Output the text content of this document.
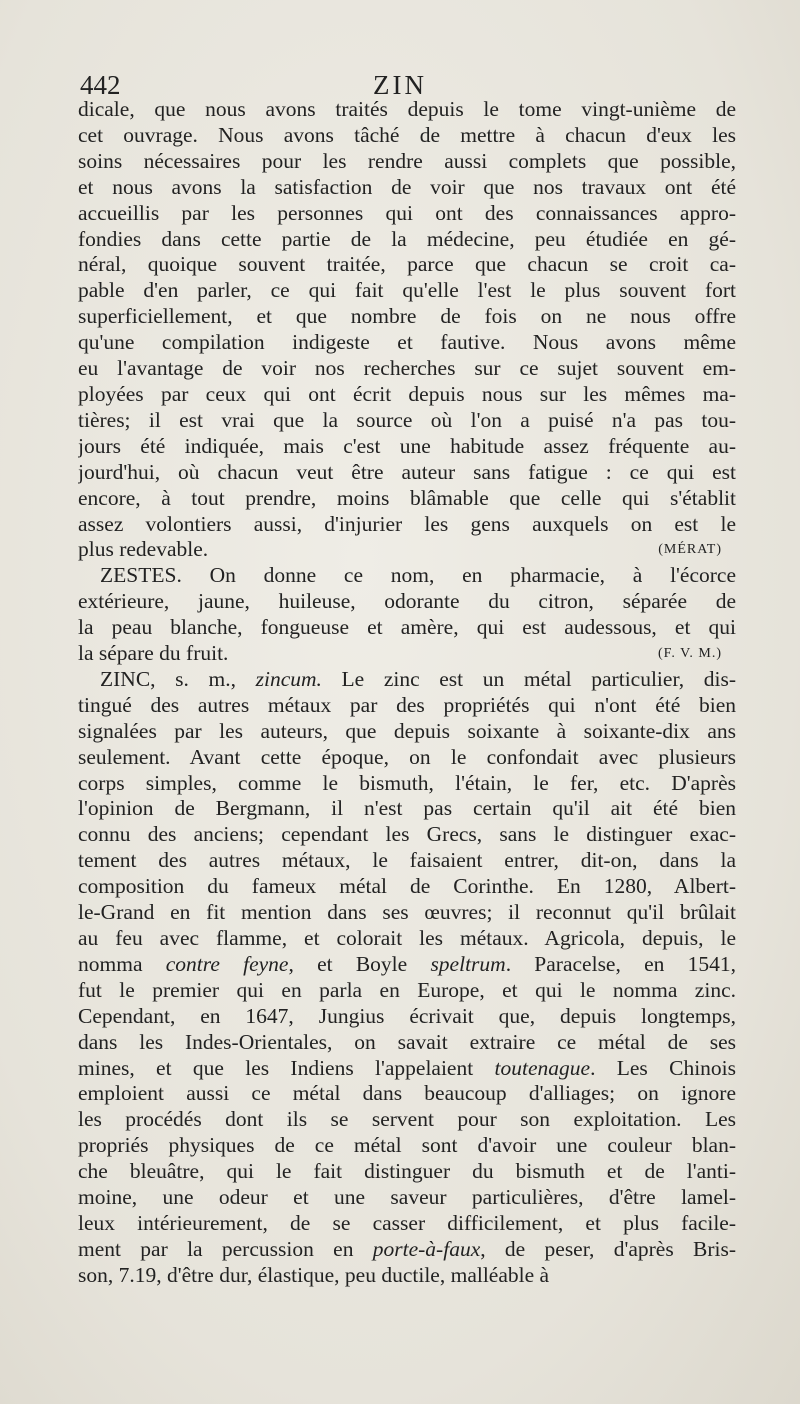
442	ZIN
dicale, que nous avons traités depuis le tome vingt-unième de
cet ouvrage. Nous avons tâché de mettre à chacun d'eux les
soins nécessaires pour les rendre aussi complets que possible,
et nous avons la satisfaction de voir que nos travaux ont été
accueillis par les personnes qui ont des connaissances appro-
fondies dans cette partie de la médecine, peu étudiée en gé-
néral, quoique souvent traitée, parce que chacun se croit ca-
pable d'en parler, ce qui fait qu'elle l'est le plus souvent fort
superficiellement, et que nombre de fois on ne nous offre
qu'une compilation indigeste et fautive. Nous avons même
eu l'avantage de voir nos recherches sur ce sujet souvent em-
ployées par ceux qui ont écrit depuis nous sur les mêmes ma-
tières; il est vrai que la source où l'on a puisé n'a pas tou-
jours été indiquée, mais c'est une habitude assez fréquente au-
jourd'hui, où chacun veut être auteur sans fatigue : ce qui est
encore, à tout prendre, moins blâmable que celle qui s'établit
assez volontiers aussi, d'injurier les gens auxquels on est le
plus redevable.	(MÉRAT)
ZESTES. On donne ce nom, en pharmacie, à l'écorce
extérieure, jaune, huileuse, odorante du citron, séparée de
la peau blanche, fongueuse et amère, qui est audessous, et qui
la sépare du fruit.	(F. V. M.)
ZINC, s. m., zincum. Le zinc est un métal particulier, dis-
tingué des autres métaux par des propriétés qui n'ont été bien
signalées par les auteurs, que depuis soixante à soixante-dix ans
seulement. Avant cette époque, on le confondait avec plusieurs
corps simples, comme le bismuth, l'étain, le fer, etc. D'après
l'opinion de Bergmann, il n'est pas certain qu'il ait été bien
connu des anciens; cependant les Grecs, sans le distinguer exac-
tement des autres métaux, le faisaient entrer, dit-on, dans la
composition du fameux métal de Corinthe. En 1280, Albert-
le-Grand en fit mention dans ses œuvres; il reconnut qu'il brûlait
au feu avec flamme, et colorait les métaux. Agricola, depuis, le
nomma contre feyne, et Boyle speltrum. Paracelse, en 1541,
fut le premier qui en parla en Europe, et qui le nomma zinc.
Cependant, en 1647, Jungius écrivait que, depuis longtemps,
dans les Indes-Orientales, on savait extraire ce métal de ses
mines, et que les Indiens l'appelaient toutenague. Les Chinois
emploient aussi ce métal dans beaucoup d'alliages; on ignore
les procédés dont ils se servent pour son exploitation. Les
propriés physiques de ce métal sont d'avoir une couleur blan-
che bleuâtre, qui le fait distinguer du bismuth et de l'anti-
moine, une odeur et une saveur particulières, d'être lamel-
leux intérieurement, de se casser difficilement, et plus facile-
ment par la percussion en porte-à-faux, de peser, d'après Bris-
son, 7.19, d'être dur, élastique, peu ductile, malléable à
